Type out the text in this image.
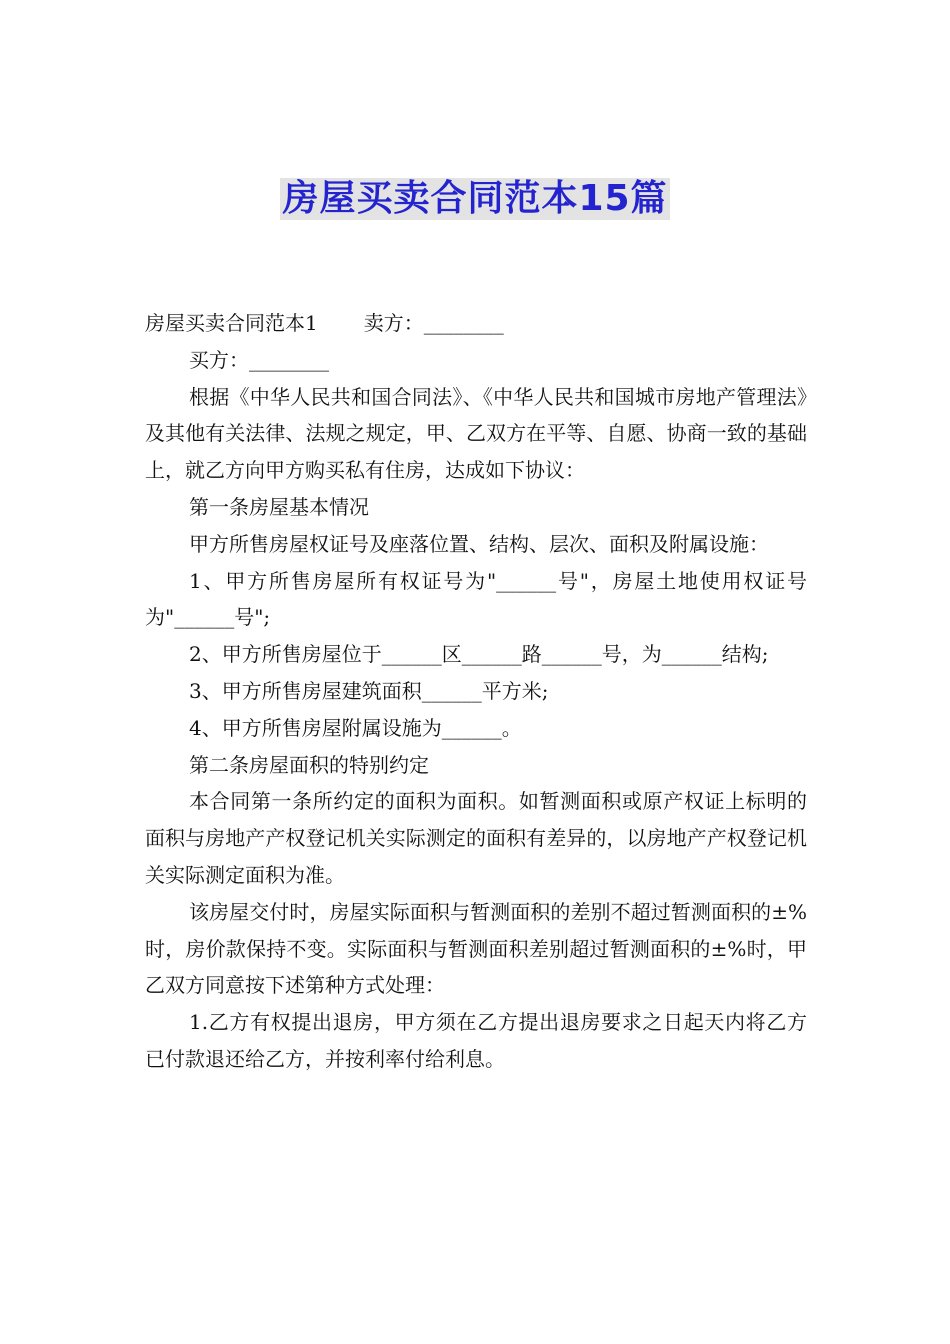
房屋买卖合同范本15篇

房屋买卖合同范本1 卖方：________

买方：________

根据《中华人民共和国合同法》、《中华人民共和国城市房地产管理法》及其他有关法律、法规之规定，甲、乙双方在平等、自愿、协商一致的基础上，就乙方向甲方购买私有住房，达成如下协议：

第一条房屋基本情况

甲方所售房屋权证号及座落位置、结构、层次、面积及附属设施：

1、甲方所售房屋所有权证号为"______号"，房屋土地使用权证号为"______号";

2、甲方所售房屋位于______区______路______号，为______结构;

3、甲方所售房屋建筑面积______平方米;

4、甲方所售房屋附属设施为______。

第二条房屋面积的特别约定

本合同第一条所约定的面积为面积。如暂测面积或原产权证上标明的面积与房地产产权登记机关实际测定的面积有差异的，以房地产产权登记机关实际测定面积为准。

该房屋交付时，房屋实际面积与暂测面积的差别不超过暂测面积的±%时，房价款保持不变。实际面积与暂测面积差别超过暂测面积的±%时，甲乙双方同意按下述第种方式处理：

1.乙方有权提出退房，甲方须在乙方提出退房要求之日起天内将乙方已付款退还给乙方，并按利率付给利息。
